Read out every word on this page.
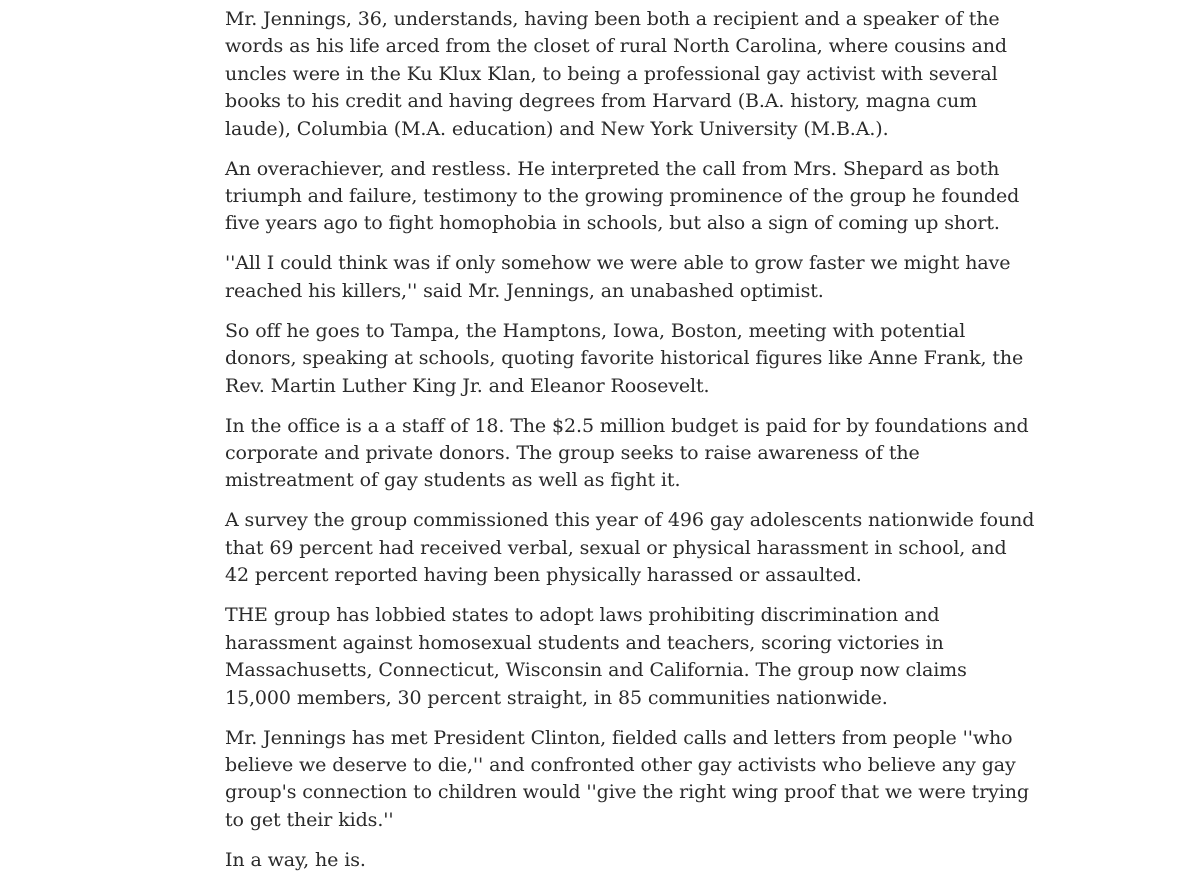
Mr. Jennings, 36, understands, having been both a recipient and a speaker of the words as his life arced from the closet of rural North Carolina, where cousins and uncles were in the Ku Klux Klan, to being a professional gay activist with several books to his credit and having degrees from Harvard (B.A. history, magna cum laude), Columbia (M.A. education) and New York University (M.B.A.).

An overachiever, and restless. He interpreted the call from Mrs. Shepard as both triumph and failure, testimony to the growing prominence of the group he founded five years ago to fight homophobia in schools, but also a sign of coming up short.

''All I could think was if only somehow we were able to grow faster we might have reached his killers,'' said Mr. Jennings, an unabashed optimist.

So off he goes to Tampa, the Hamptons, Iowa, Boston, meeting with potential donors, speaking at schools, quoting favorite historical figures like Anne Frank, the Rev. Martin Luther King Jr. and Eleanor Roosevelt.

In the office is a a staff of 18. The $2.5 million budget is paid for by foundations and corporate and private donors. The group seeks to raise awareness of the mistreatment of gay students as well as fight it.

A survey the group commissioned this year of 496 gay adolescents nationwide found that 69 percent had received verbal, sexual or physical harassment in school, and 42 percent reported having been physically harassed or assaulted.

THE group has lobbied states to adopt laws prohibiting discrimination and harassment against homosexual students and teachers, scoring victories in Massachusetts, Connecticut, Wisconsin and California. The group now claims 15,000 members, 30 percent straight, in 85 communities nationwide.

Mr. Jennings has met President Clinton, fielded calls and letters from people ''who believe we deserve to die,'' and confronted other gay activists who believe any gay group's connection to children would ''give the right wing proof that we were trying to get their kids.''

In a way, he is.
